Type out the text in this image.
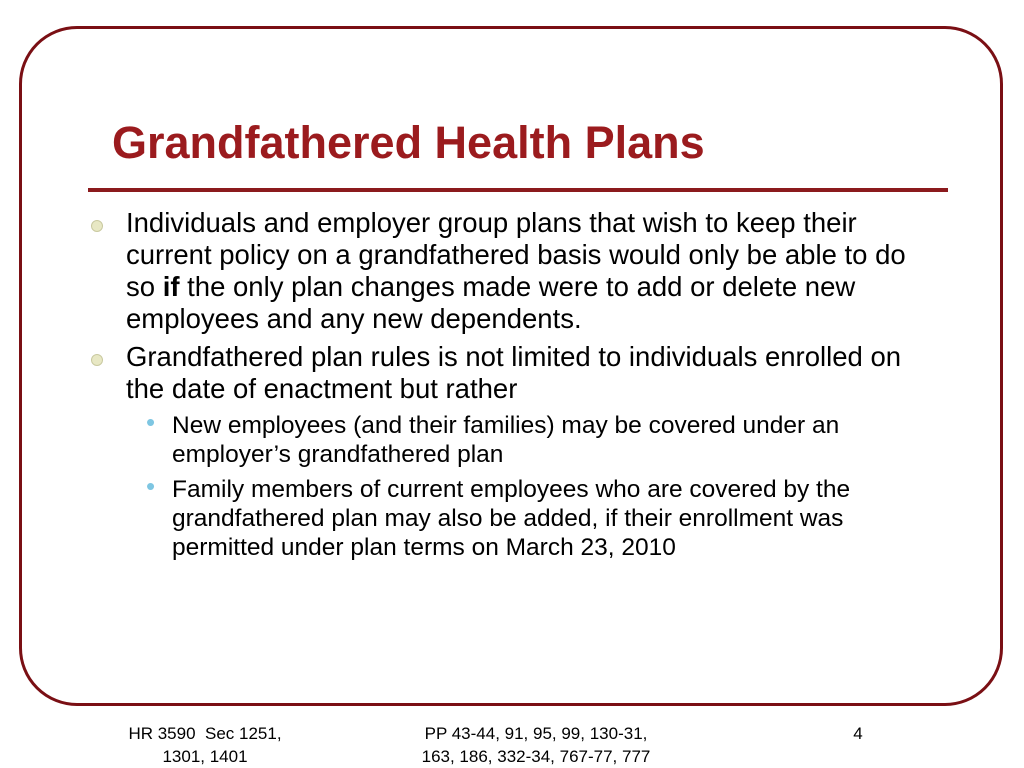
Grandfathered Health Plans
Individuals and employer group plans that wish to keep their current policy on a grandfathered basis would only be able to do so if the only plan changes made were to add or delete new employees and any new dependents.
Grandfathered plan rules is not limited to individuals enrolled on the date of enactment but rather
• New employees (and their families) may be covered under an employer’s grandfathered plan
• Family members of current employees who are covered by the grandfathered plan may also be added, if their enrollment was permitted under plan terms on March 23, 2010
HR 3590  Sec 1251,
1301, 1401
PP 43-44, 91, 95, 99, 130-31,
163, 186, 332-34, 767-77, 777
4
